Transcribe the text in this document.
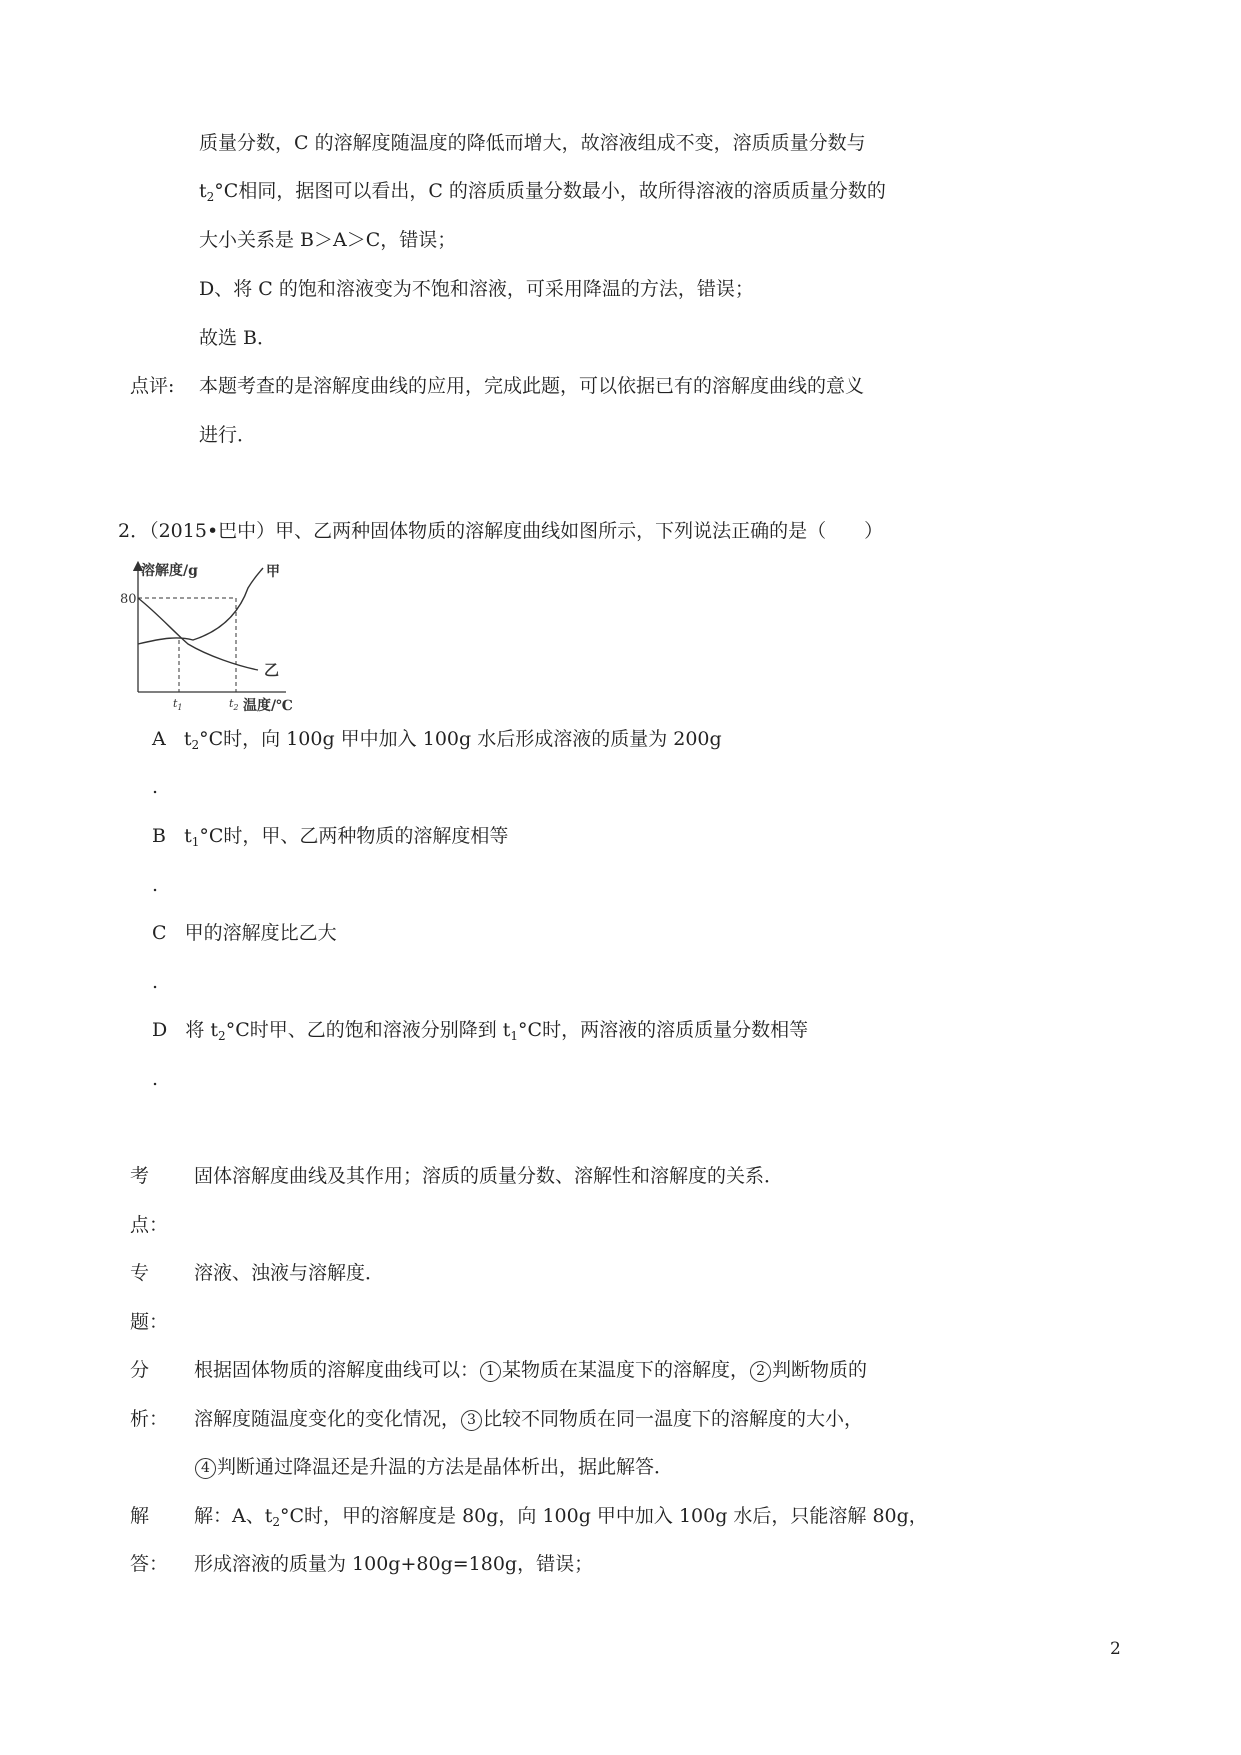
质量分数，C 的溶解度随温度的降低而增大，故溶液组成不变，溶质质量分数与
$t_2^\circ C$相同，据图可以看出，C 的溶质质量分数最小，故所得溶液的溶质质量分数的
大小关系是 B＞A＞C，错误；
D、将 C 的饱和溶液变为不饱和溶液，可采用降温的方法，错误；
故选 B．
点评: 本题考查的是溶解度曲线的应用，完成此题，可以依据已有的溶解度曲线的意义
进行．
2．（2015•巴中）甲、乙两种固体物质的溶解度曲线如图所示，下列说法正确的是（　　）
80
溶解度/g	甲
乙
$t_1$	$t_2$ 温度/℃
A $t_2^\circ C$时，向 100g 甲中加入 100g 水后形成溶液的质量为 200g
.
B $t_1^\circ C$时，甲、乙两种物质的溶解度相等
.
C 甲的溶解度比乙大
.
D 将 $t_2^\circ C$时甲、乙的饱和溶液分别降到 $t_1^\circ C$时，两溶液的溶质质量分数相等
.
考 固体溶解度曲线及其作用；溶质的质量分数、溶解性和溶解度的关系．
点：
专 溶液、浊液与溶解度．
题：
分 根据固体物质的溶解度曲线可以： 1 某物质在某温度下的溶解度， 2 判断物质的
析： 溶解度随温度变化的变化情况， 3 比较不同物质在同一温度下的溶解度的大小，
4 判断通过降温还是升温的方法是晶体析出，据此解答．
解 解：A、$t_2^\circ C$时，甲的溶解度是 80g，向 100g 甲中加入 100g 水后，只能溶解 80g，
答： 形成溶液的质量为 100g+80g=180g，错误；
2
